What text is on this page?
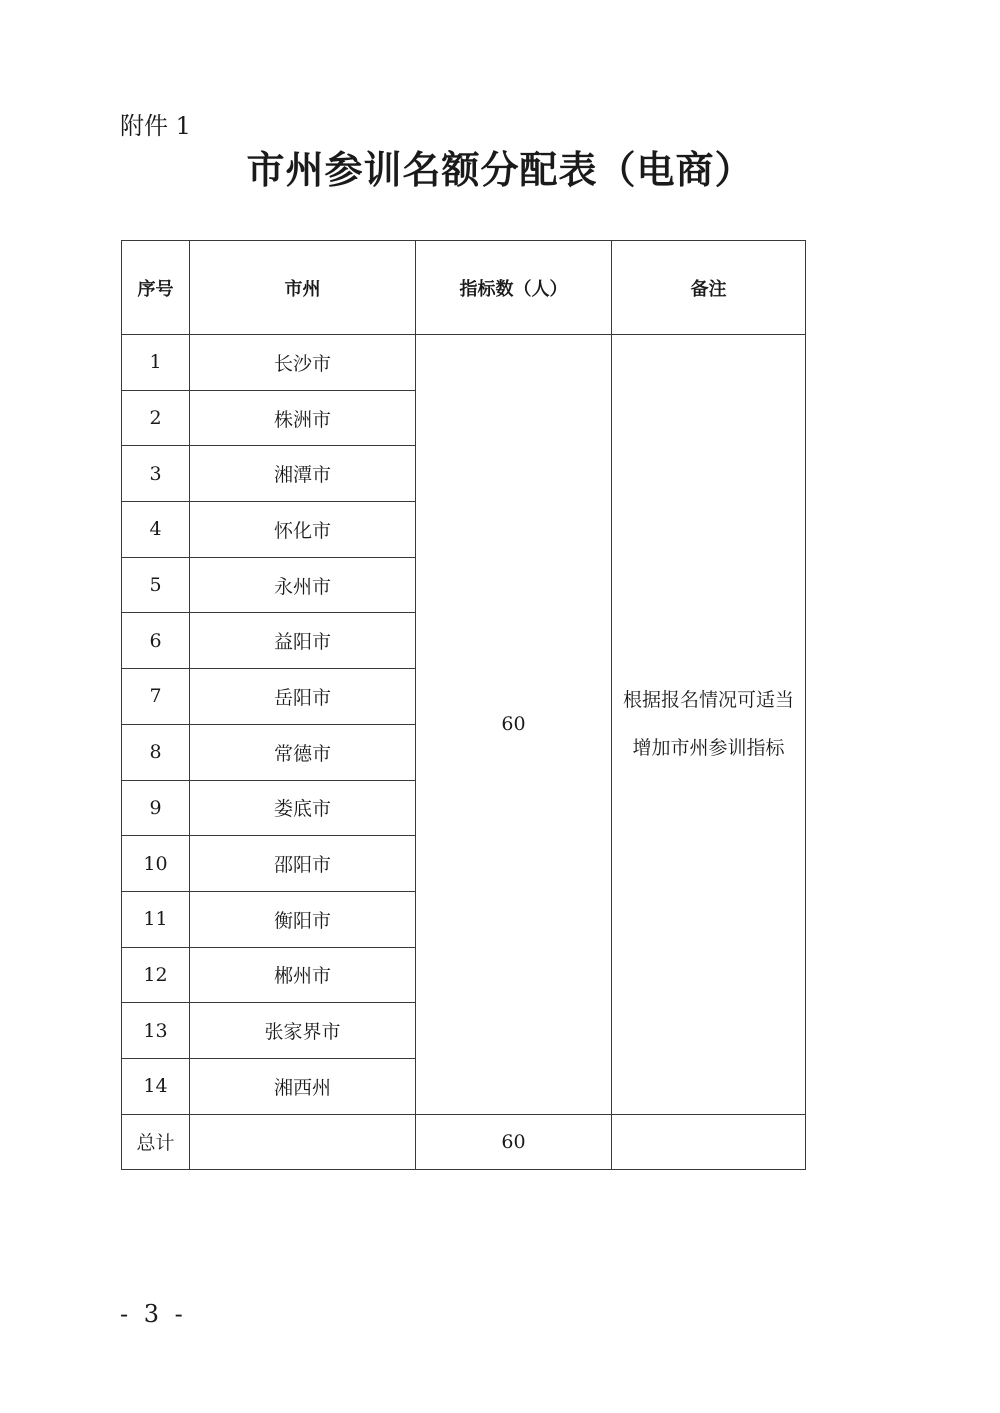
附件 1
市州参训名额分配表（电商）
序号	市州	指标数（人）	备注
1	长沙市	60	根据报名情况可适当
增加市州参训指标

2	株洲市		
3	湘潭市		
4	怀化市		
5	永州市		
6	益阳市		
7	岳阳市		
8	常德市		
9	娄底市		
10	邵阳市		
11	衡阳市		
12	郴州市		
13	张家界市		
14	湘西州		
总计		60	
- 3 -
